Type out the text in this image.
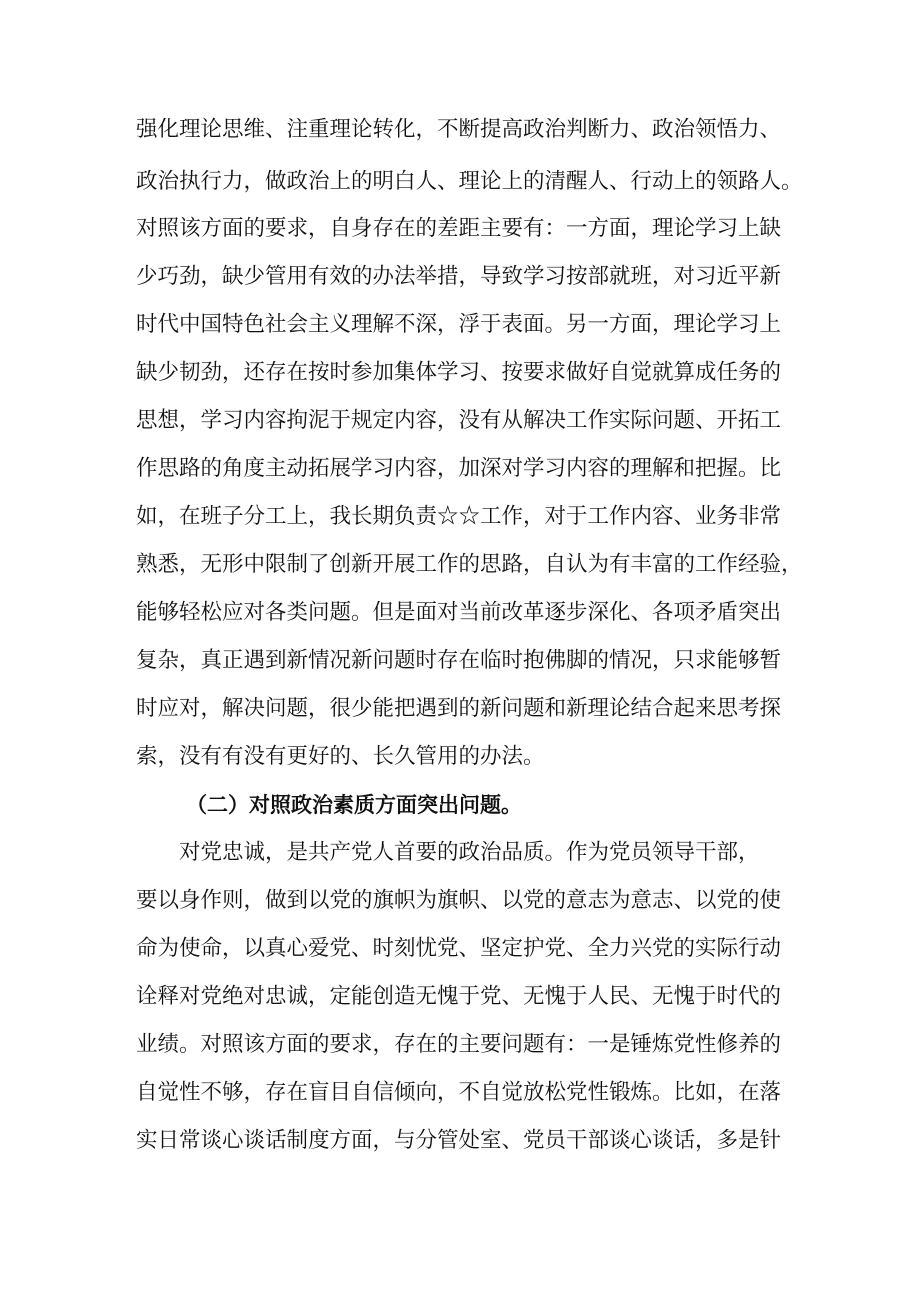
强化理论思维、注重理论转化，不断提高政治判断力、政治领悟力、
政治执行力，做政治上的明白人、理论上的清醒人、行动上的领路人。
对照该方面的要求，自身存在的差距主要有：一方面，理论学习上缺
少巧劲，缺少管用有效的办法举措，导致学习按部就班，对习近平新
时代中国特色社会主义理解不深，浮于表面。另一方面，理论学习上
缺少韧劲，还存在按时参加集体学习、按要求做好自觉就算成任务的
思想，学习内容拘泥于规定内容，没有从解决工作实际问题、开拓工
作思路的角度主动拓展学习内容，加深对学习内容的理解和把握。比
如，在班子分工上，我长期负责☆☆工作，对于工作内容、业务非常
熟悉，无形中限制了创新开展工作的思路，自认为有丰富的工作经验，
能够轻松应对各类问题。但是面对当前改革逐步深化、各项矛盾突出
复杂，真正遇到新情况新问题时存在临时抱佛脚的情况，只求能够暂
时应对，解决问题，很少能把遇到的新问题和新理论结合起来思考探
索，没有有没有更好的、长久管用的办法。
（二）对照政治素质方面突出问题。
对党忠诚，是共产党人首要的政治品质。作为党员领导干部，
要以身作则，做到以党的旗帜为旗帜、以党的意志为意志、以党的使
命为使命，以真心爱党、时刻忧党、坚定护党、全力兴党的实际行动
诠释对党绝对忠诚，定能创造无愧于党、无愧于人民、无愧于时代的
业绩。对照该方面的要求，存在的主要问题有：一是锤炼党性修养的
自觉性不够，存在盲目自信倾向，不自觉放松党性锻炼。比如，在落
实日常谈心谈话制度方面，与分管处室、党员干部谈心谈话，多是针
